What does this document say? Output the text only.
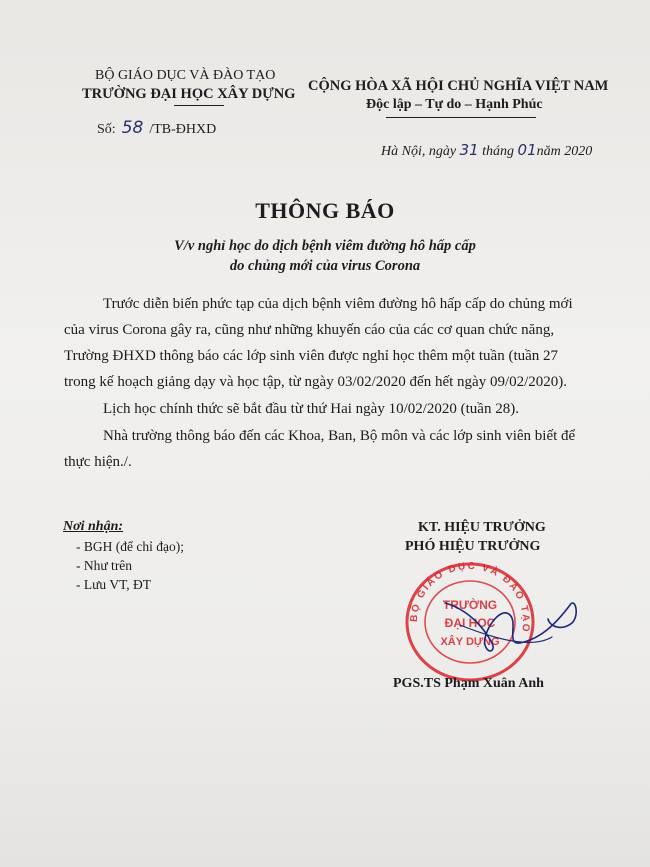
BỘ GIÁO DỤC VÀ ĐÀO TẠO
TRƯỜNG ĐẠI HỌC XÂY DỰNG CỘNG HÒA XÃ HỘI CHỦ NGHĨA VIỆT NAM
Độc lập – Tự do – Hạnh Phúc
Số: 58 /TB-ĐHXD
Hà Nội, ngày 31 tháng 01năm 2020
THÔNG BÁO
V/v nghỉ học do dịch bệnh viêm đường hô hấp cấp
do chủng mới của virus Corona
Trước diễn biến phức tạp của dịch bệnh viêm đường hô hấp cấp do chủng mới
của virus Corona gây ra, cũng như những khuyến cáo của các cơ quan chức năng,
Trường ĐHXD thông báo các lớp sinh viên được nghỉ học thêm một tuần (tuần 27
trong kế hoạch giảng dạy và học tập, từ ngày 03/02/2020 đến hết ngày 09/02/2020).
Lịch học chính thức sẽ bắt đầu từ thứ Hai ngày 10/02/2020 (tuần 28).
Nhà trường thông báo đến các Khoa, Ban, Bộ môn và các lớp sinh viên biết để
thực hiện./.
Nơi nhận:
- BGH (để chỉ đạo);
- Như trên
- Lưu VT, ĐT
KT. HIỆU TRƯỞNG
PHÓ HIỆU TRƯỞNG
BỘ GIÁO DỤC VÀ ĐÀO TẠO
TRƯỜNG
ĐẠI HỌC
XÂY DỰNG
PGS.TS Phạm Xuân Anh
